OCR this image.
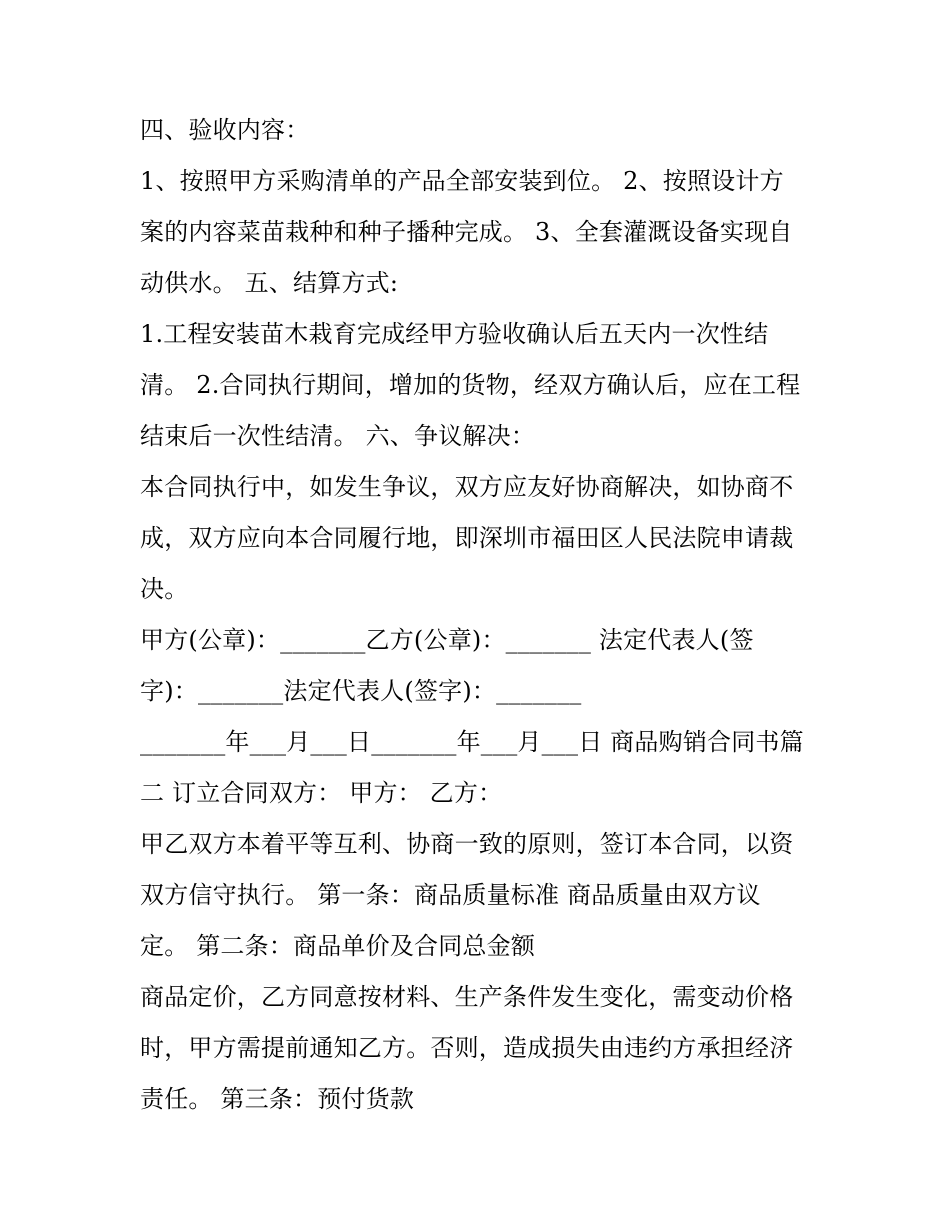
四、验收内容：
1、按照甲方采购清单的产品全部安装到位。 2、按照设计方
案的内容菜苗栽种和种子播种完成。 3、全套灌溉设备实现自
动供水。 五、结算方式:
1.工程安装苗木栽育完成经甲方验收确认后五天内一次性结
清。 2.合同执行期间，增加的货物，经双方确认后，应在工程
结束后一次性结清。 六、争议解决：
本合同执行中，如发生争议，双方应友好协商解决，如协商不
成，双方应向本合同履行地，即深圳市福田区人民法院申请裁
决。
甲方(公章)：_______乙方(公章)：_______ 法定代表人(签
字)：_______法定代表人(签字)：_______
_______年___月___日_______年___月___日 商品购销合同书篇
二 订立合同双方： 甲方： 乙方：
甲乙双方本着平等互利、协商一致的原则，签订本合同，以资
双方信守执行。 第一条：商品质量标准 商品质量由双方议
定。 第二条：商品单价及合同总金额
商品定价，乙方同意按材料、生产条件发生变化，需变动价格
时，甲方需提前通知乙方。否则，造成损失由违约方承担经济
责任。 第三条：预付货款
